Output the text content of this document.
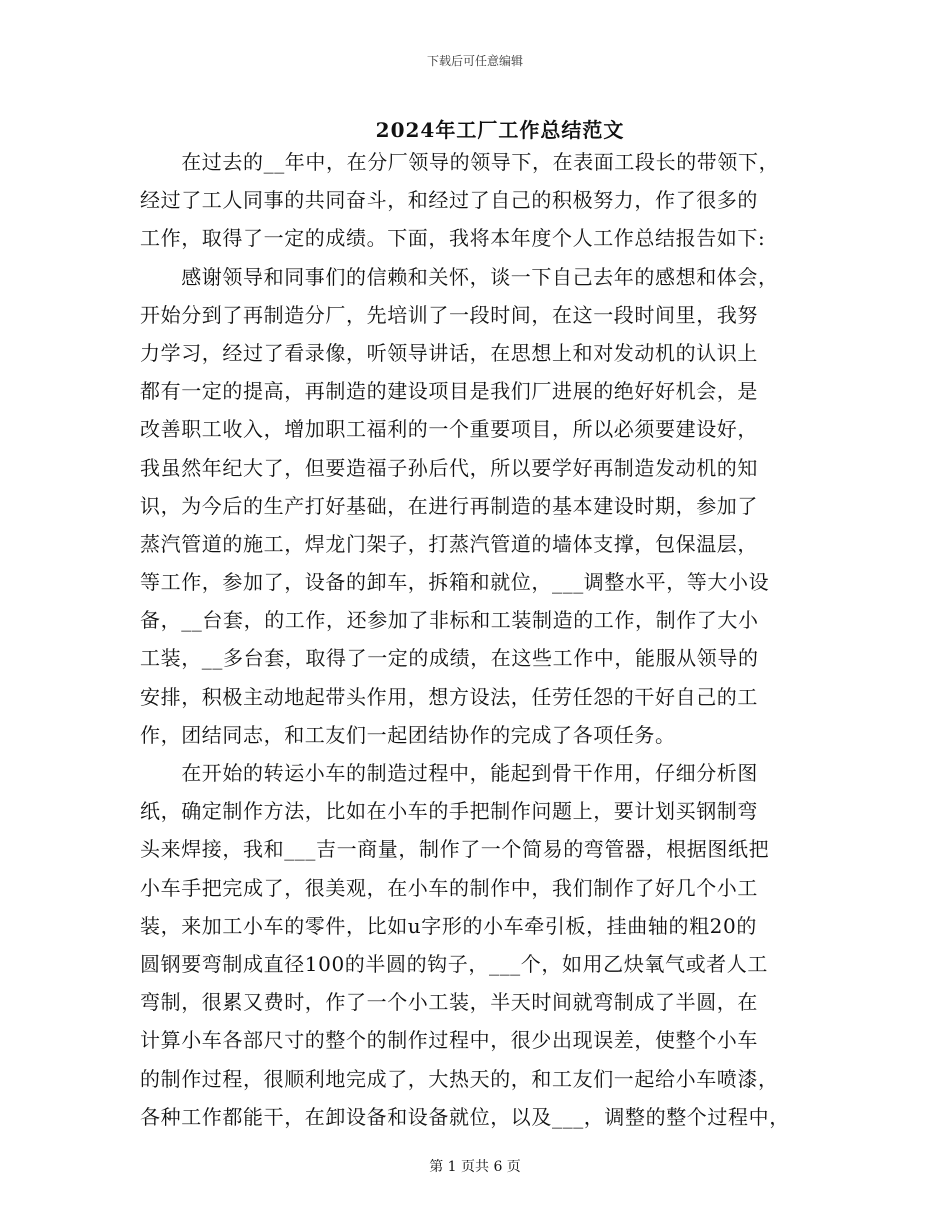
下载后可任意编辑
2024年工厂工作总结范文
　　在过去的__年中，在分厂领导的领导下，在表面工段长的带领下，
经过了工人同事的共同奋斗，和经过了自己的积极努力，作了很多的
工作，取得了一定的成绩。下面，我将本年度个人工作总结报告如下:
　　感谢领导和同事们的信赖和关怀，谈一下自己去年的感想和体会，
开始分到了再制造分厂，先培训了一段时间，在这一段时间里，我努
力学习，经过了看录像，听领导讲话，在思想上和对发动机的认识上
都有一定的提高，再制造的建设项目是我们厂进展的绝好好机会，是
改善职工收入，增加职工福利的一个重要项目，所以必须要建设好，
我虽然年纪大了，但要造福子孙后代，所以要学好再制造发动机的知
识，为今后的生产打好基础，在进行再制造的基本建设时期，参加了
蒸汽管道的施工，焊龙门架子，打蒸汽管道的墙体支撑，包保温层，
等工作，参加了，设备的卸车，拆箱和就位，___调整水平，等大小设
备，__台套，的工作，还参加了非标和工装制造的工作，制作了大小
工装，__多台套，取得了一定的成绩，在这些工作中，能服从领导的
安排，积极主动地起带头作用，想方设法，任劳任怨的干好自己的工
作，团结同志，和工友们一起团结协作的完成了各项任务。
　　在开始的转运小车的制造过程中，能起到骨干作用，仔细分析图
纸，确定制作方法，比如在小车的手把制作问题上，要计划买钢制弯
头来焊接，我和___吉一商量，制作了一个简易的弯管器，根据图纸把
小车手把完成了，很美观，在小车的制作中，我们制作了好几个小工
装，来加工小车的零件，比如u字形的小车牵引板，挂曲轴的粗20的
圆钢要弯制成直径100的半圆的钩子，___个，如用乙炔氧气或者人工
弯制，很累又费时，作了一个小工装，半天时间就弯制成了半圆，在
计算小车各部尺寸的整个的制作过程中，很少出现误差，使整个小车
的制作过程，很顺利地完成了，大热天的，和工友们一起给小车喷漆，
各种工作都能干，在卸设备和设备就位，以及___，调整的整个过程中，
第 1 页共 6 页
